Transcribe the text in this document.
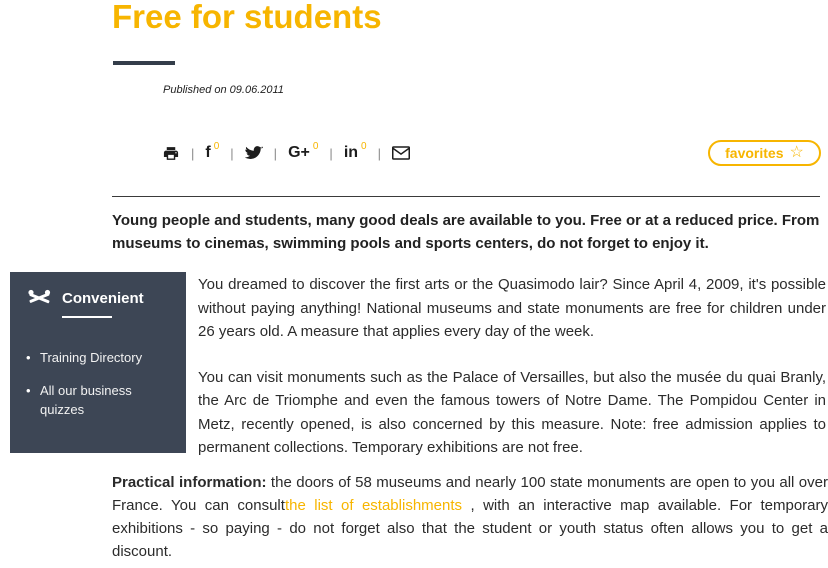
Free for students
Published on 09.06.2011
| f 0 |	| G+ 0 | in 0 |	favorites ☆

Young people and students, many good deals are available to you. Free or at a reduced price. From museums to cinemas, swimming pools and sports centers, do not forget to enjoy it.

Convenient
• Training Directory
• All our business quizzes

You dreamed to discover the first arts or the Quasimodo lair? Since April 4, 2009, it's possible without paying anything! National museums and state monuments are free for children under 26 years old. A measure that applies every day of the week.

You can visit monuments such as the Palace of Versailles, but also the musée du quai Branly, the Arc de Triomphe and even the famous towers of Notre Dame. The Pompidou Center in Metz, recently opened, is also concerned by this measure. Note: free admission applies to permanent collections. Temporary exhibitions are not free.

Practical information: the doors of 58 museums and nearly 100 state monuments are open to you all over France. You can consultthe list of establishments , with an interactive map available. For temporary exhibitions - so paying - do not forget also that the student or youth status often allows you to get a discount.
